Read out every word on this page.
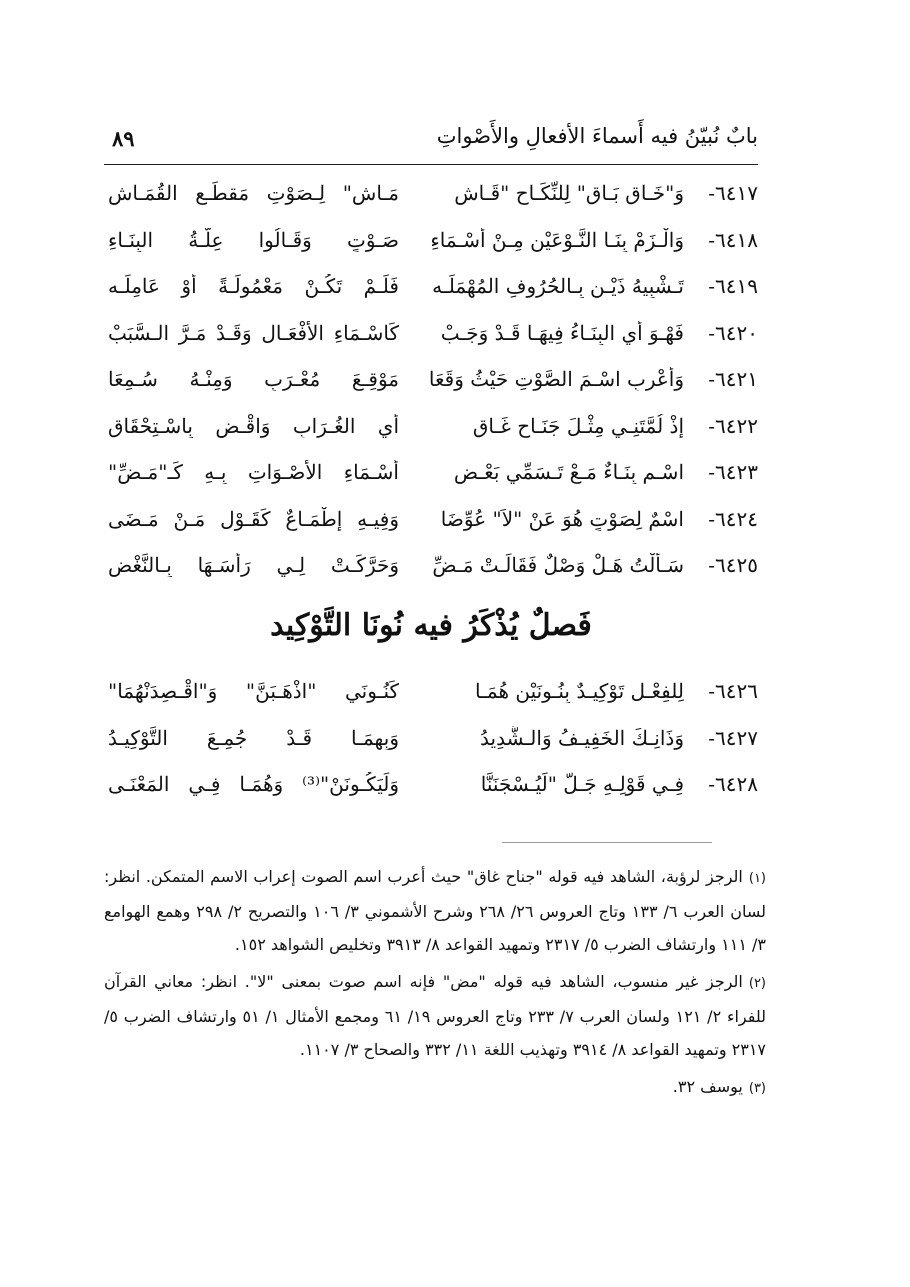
بابٌ نُبيّنُ فيه أَسماءَ الأفعالِ والأَصْواتِ
٨٩
٦٤١٧-
وَ"خَـاقِ بَـاقِ" لِلنِّكَـاحِ "قَـاشِ
مَـاشِ" لِـصَوْتِ مَقطَـعِ القُمَـاشِ
٦٤١٨-
وَالْـزَمْ بِنَـا النَّـوْعَيْنِ مِـنْ أَسْـمَاءِ
صَـوْتٍ وَقَـالُوا عِلَّـةُ البِنَـاءِ
٦٤١٩-
تَـشْبِيهُ ذَيْـنِ بِـالحُرُوفِ المُهْمَلَـه
فَلَـمْ تَكُـنْ مَعْمُولَـةً أَوْ عَامِلَـه
٦٤٢٠-
فَهْـوَ أَيِ البِنَـاءُ فِيهَـا قَـدْ وَجَـبْ
كَاسْـمَاءِ الأَفْعَـالِ وَقَـدْ مَـرَّ الـسَّبَبْ
٦٤٢١-
وَأَعْرِبِ اسْـمَ الصَّوْتِ حَيْثُ وَقَعَا
مَوْقِـعَ مُعْـرَبٍ وَمِنْـهُ سُـمِعَا
٦٤٢٢-
إِذْ لُمَّتَنِـي مِثْـلَ جَنَـاحِ غَـاقِ
أَيِ الغُـرَابِ وَاقْـضِ بِاسْـتِحْقَاقِ
٦٤٢٣-
اسْـمِ بِنَـاءٌ مَـعْ تَـسَمِّي بَعْـضِ
أَسْـمَاءِ الأَصْـوَاتِ بِـهِ كَـ"مَـضِّ"
٦٤٢٤-
اسْمٌ لِصَوْتٍ هُوَ عَنْ "لاَ" عُوِّضَا
وَفِيـهِ إِطْمَـاعٌ كَقَـوْلِ مَـنْ مَـضَى
٦٤٢٥-
سَـأَلْتُ هَـلْ وَصْلٌ فَقَالَـتْ مَـضِّ
وَحَرَّكَـتْ لِـي رَأْسَـهَا بِـالنَّغْضِ
فَصلٌ يُذْكَرُ فيه نُونَا التَّوْكِيد
٦٤٢٦-
لِلفِعْـلِ تَوْكِيـدٌ بِنُـونَيْنِ هُمَـا
كَنُـونَي "اذْهَـبَنَّ" وَ"اقْـصِدَنْهُمَا"
٦٤٢٧-
وَذَانِـكَ الخَفِيـفُ وَالـشَّدِيدُ
وَبِهِمَـا قَـدْ جُمِـعَ التَّوْكِيـدُ
٦٤٢٨-
فِـي قَوْلِـهِ جَـلَّ "لَيُـسْجَنَنَّا
وَلَيَكُـونَنْ"⁽³⁾ وَهُمَـا فِـي المَعْنَـى
(١)الرجز لرؤبة، الشاهد فيه قوله "جناح غاق" حيث أعرب اسم الصوت إعراب الاسم المتمكن. انظر: لسان العرب ٦/ ١٣٣ وتاج العروس ٢٦/ ٢٦٨ وشرح الأشموني ٣/ ١٠٦ والتصريح ٢/ ٢٩٨ وهمع الهوامع ٣/ ١١١ وارتشاف الضرب ٥/ ٢٣١٧ وتمهيد القواعد ٨/ ٣٩١٣ وتخليص الشواهد ١٥٢.
(٢)الرجز غير منسوب، الشاهد فيه قوله "مض" فإنه اسم صوت بمعنى "لا". انظر: معاني القرآن للفراء ٢/ ١٢١ ولسان العرب ٧/ ٢٣٣ وتاج العروس ١٩/ ٦١ ومجمع الأمثال ١/ ٥١ وارتشاف الضرب ٥/ ٢٣١٧ وتمهيد القواعد ٨/ ٣٩١٤ وتهذيب اللغة ١١/ ٣٣٢ والصحاح ٣/ ١١٠٧.
(٣)يوسف ٣٢.
